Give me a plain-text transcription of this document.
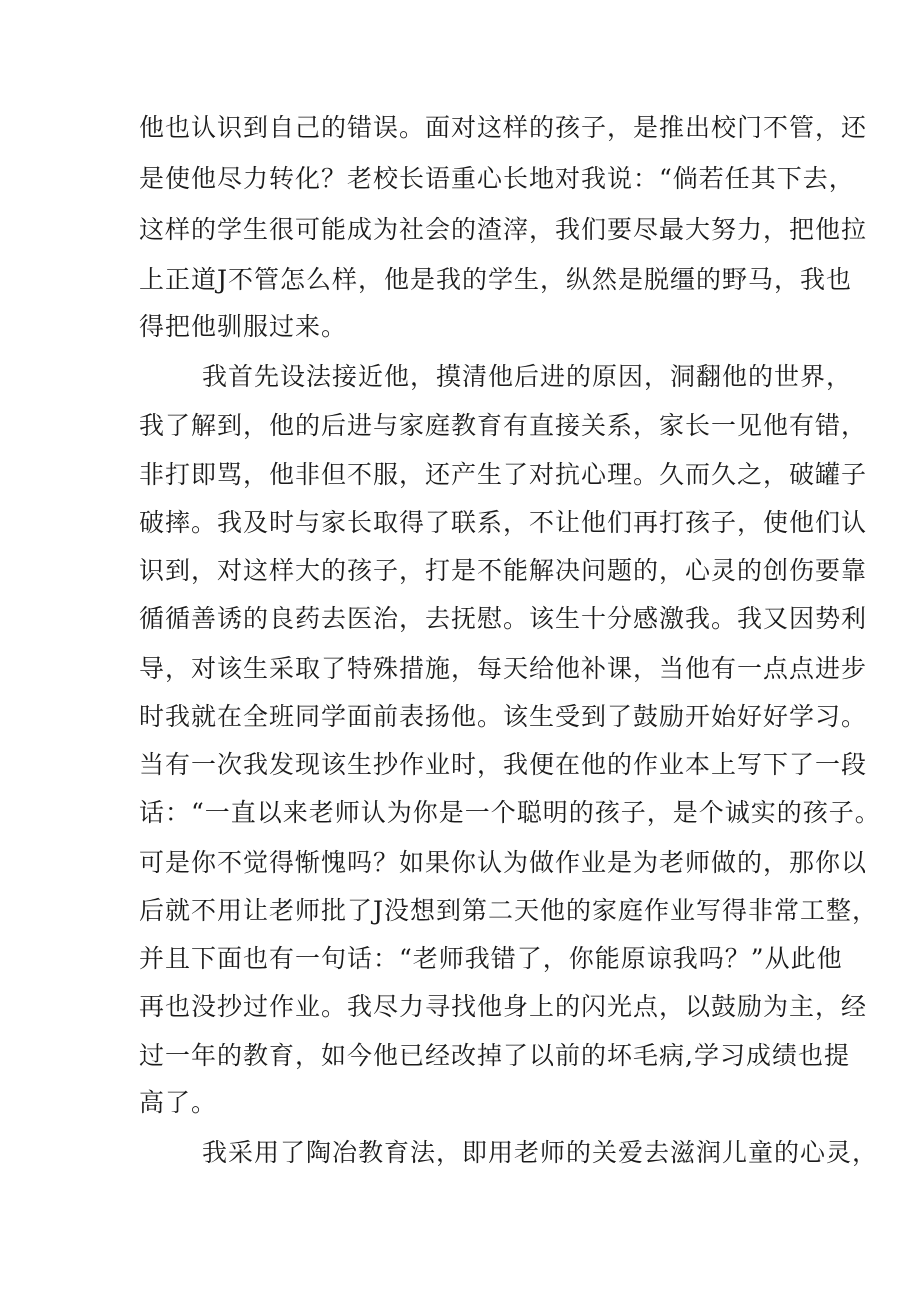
他也认识到自己的错误。面对这样的孩子，是推出校门不管，还
是使他尽力转化？老校长语重心长地对我说：“倘若任其下去，
这样的学生很可能成为社会的渣滓，我们要尽最大努力，把他拉
上正道J不管怎么样，他是我的学生，纵然是脱缰的野马，我也
得把他驯服过来。
我首先设法接近他，摸清他后进的原因，洞翻他的世界，
我了解到，他的后进与家庭教育有直接关系，家长一见他有错，
非打即骂，他非但不服，还产生了对抗心理。久而久之，破罐子
破摔。我及时与家长取得了联系，不让他们再打孩子，使他们认
识到，对这样大的孩子，打是不能解决问题的，心灵的创伤要靠
循循善诱的良药去医治，去抚慰。该生十分感激我。我又因势利
导，对该生采取了特殊措施，每天给他补课，当他有一点点进步
时我就在全班同学面前表扬他。该生受到了鼓励开始好好学习。
当有一次我发现该生抄作业时，我便在他的作业本上写下了一段
话：“一直以来老师认为你是一个聪明的孩子，是个诚实的孩子。
可是你不觉得惭愧吗？如果你认为做作业是为老师做的，那你以
后就不用让老师批了J没想到第二天他的家庭作业写得非常工整，
并且下面也有一句话：“老师我错了，你能原谅我吗？”从此他
再也没抄过作业。我尽力寻找他身上的闪光点，以鼓励为主，经
过一年的教育，如今他已经改掉了以前的坏毛病,学习成绩也提
高了。
我采用了陶冶教育法，即用老师的关爱去滋润儿童的心灵，
